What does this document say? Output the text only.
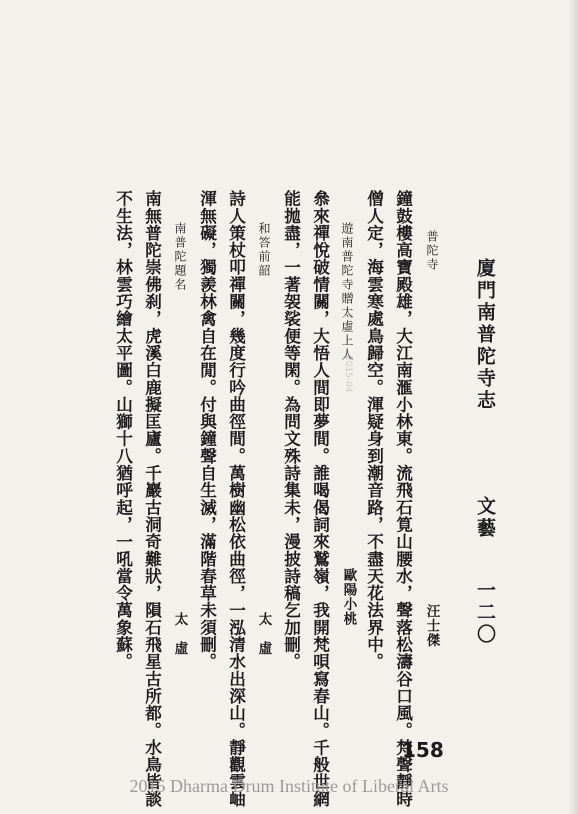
廈門南普陀寺志
文藝
一二〇
普陀寺
汪士傑
鐘鼓樓高寶殿雄，大江南滙小林東。流飛石筧山腰水，聲落松濤谷口風。梵聲靜時
僧人定，海雲寒處鳥歸空。渾疑身到潮音路，不盡天花法界中。
遊南普陀寺贈太虛上人
歐陽小桃
叅來禪悅破情關，大悟人間即夢間。誰喝偈詞來鷲嶺，我開梵唄寫春山。千般世網
能拋盡，一著袈裟便等閑。為問文殊詩集未，漫披詩稿乞加刪。
和答前韶
太　虛
詩人策杖叩禪關，幾度行吟曲徑間。萬樹幽松依曲徑，一泓清水出深山。靜觀雲岫
渾無礙，獨羨林禽自在閒。付與鐘聲自生滅，滿階春草未須刪。
南普陀題名
太　虛
南無普陀崇佛刹，虎溪白鹿擬匡廬。千巖古洞奇難狀，隕石飛星古所都。水鳥皆談
不生法，林雲巧繪太平圖。山獅十八猶呼起，一吼當令萬象蘇。	2015-04
158
2015 Dharma Drum Institute of Liberal Arts
